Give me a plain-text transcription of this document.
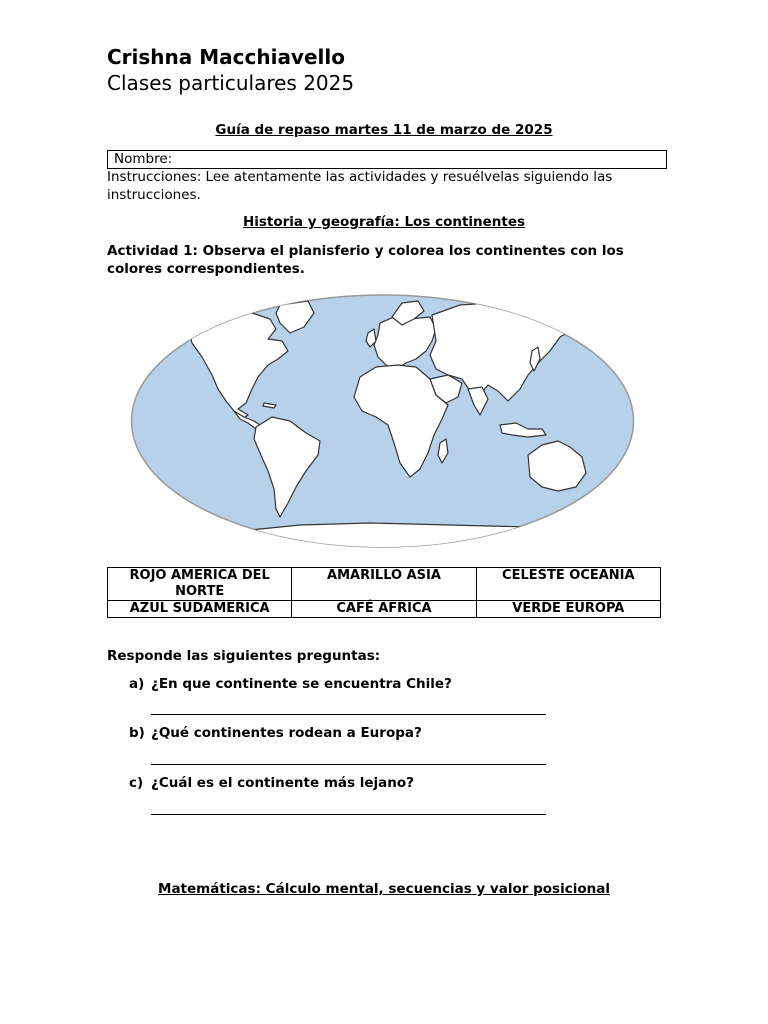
Crishna Macchiavello
Clases particulares 2025
Guía de repaso martes 11 de marzo de 2025
Nombre:
Instrucciones: Lee atentamente las actividades y resuélvelas siguiendo las instrucciones.
Historia y geografía: Los continentes
Actividad 1: Observa el planisferio y colorea los continentes con los colores correspondientes.
ROJO AMERICA DEL NORTE	AMARILLO ASIA	CELESTE OCEANIA
AZUL SUDAMERICA	CAFÉ AFRICA	VERDE EUROPA
Responde las siguientes preguntas:
a) ¿En que continente se encuentra Chile?
b) ¿Qué continentes rodean a Europa?
c) ¿Cuál es el continente más lejano?
Matemáticas: Cálculo mental, secuencias y valor posicional
